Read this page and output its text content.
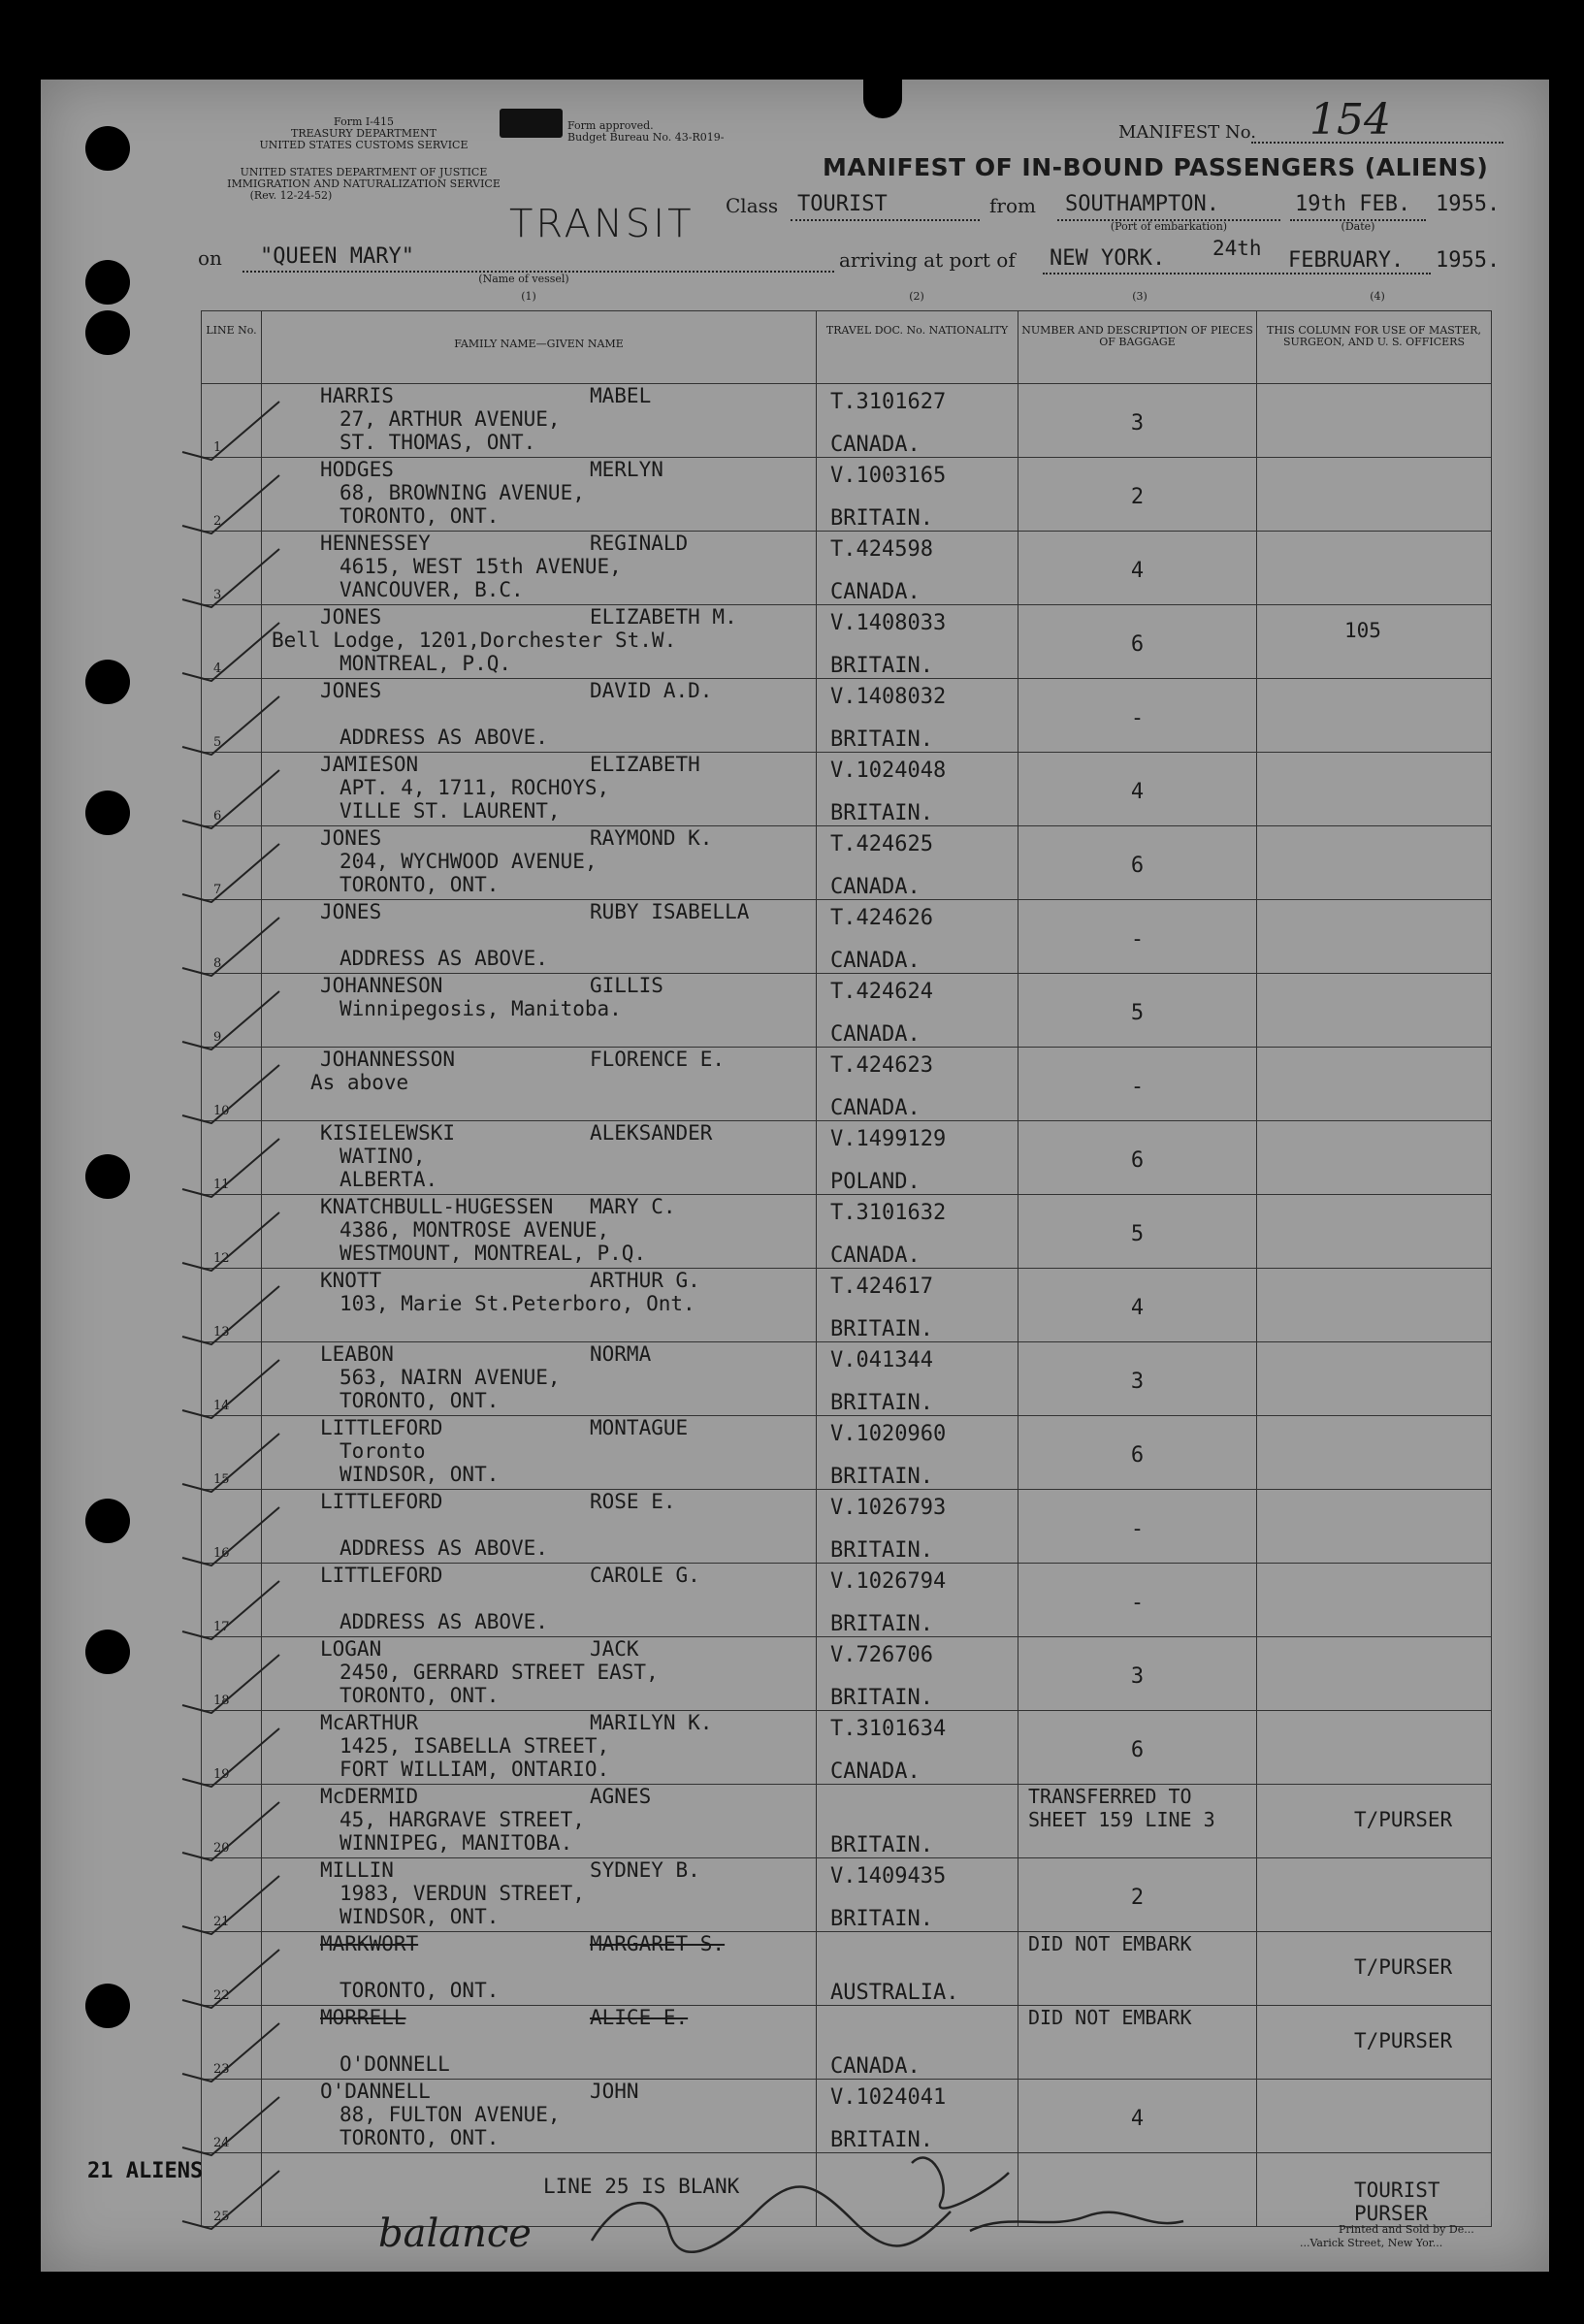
Form I-415
TREASURY DEPARTMENT
UNITED STATES CUSTOMS SERVICE
UNITED STATES DEPARTMENT OF JUSTICE
IMMIGRATION AND NATURALIZATION SERVICE
(Rev. 12-24-52)
Form approved.
Budget Bureau No. 43-R019-
MANIFEST OF IN-BOUND PASSENGERS (ALIENS)
MANIFEST No. 154
TRANSIT Class TOURIST	from SOUTHAMPTON.
(Port of embarkation)
19th FEB.
(Date)
1955.
on "QUEEN MARY"
(Name of vessel)
arriving at port of NEW YORK. 24th FEBRUARY. 1955.
(1)	(2)	(3)	(4)
LINE No.	FAMILY NAME—GIVEN NAME	TRAVEL DOC. No. NATIONALITY	NUMBER AND DESCRIPTION OF PIECES OF BAGGAGE	THIS COLUMN FOR USE OF MASTER, SURGEON, AND U. S. OFFICERS

1	HARRIS MABEL
27, ARTHUR AVENUE,
ST. THOMAS, ONT.	T.3101627
CANADA.	3	

2	HODGES MERLYN
68, BROWNING AVENUE,
TORONTO, ONT.	V.1003165
BRITAIN.	2	

3	HENNESSEY REGINALD
4615, WEST 15th AVENUE,
VANCOUVER, B.C.	T.424598
CANADA.	4	

4	JONES ELIZABETH M.
Bell Lodge, 1201,Dorchester St.W.
MONTREAL, P.Q.	V.1408033
BRITAIN.	6	105

5	JONES DAVID A.D.
ADDRESS AS ABOVE.	V.1408032
BRITAIN.	-	

6	JAMIESON ELIZABETH
APT. 4, 1711, ROCHOYS,
VILLE ST. LAURENT,	V.1024048
BRITAIN.	4	

7	JONES RAYMOND K.
204, WYCHWOOD AVENUE,
TORONTO, ONT.	T.424625
CANADA.	6	

8	JONES RUBY ISABELLA
ADDRESS AS ABOVE.	T.424626
CANADA.	-	

9	JOHANNESON GILLIS
Winnipegosis, Manitoba.	T.424624
CANADA.	5	

10	JOHANNESSON FLORENCE E.
As above	T.424623
CANADA.	-	

11	KISIELEWSKI ALEKSANDER
WATINO,
ALBERTA.	V.1499129
POLAND.	6	

12	KNATCHBULL-HUGESSEN MARY C.
4386, MONTROSE AVENUE,
WESTMOUNT, MONTREAL, P.Q.	T.3101632
CANADA.	5	

13	KNOTT ARTHUR G.
103, Marie St.Peterboro, Ont.	T.424617
BRITAIN.	4	

14	LEABON NORMA
563, NAIRN AVENUE,
TORONTO, ONT.	V.041344
BRITAIN.	3	

15	LITTLEFORD MONTAGUE
Toronto
WINDSOR, ONT.	V.1020960
BRITAIN.	6	

16	LITTLEFORD ROSE E.
ADDRESS AS ABOVE.	V.1026793
BRITAIN.	-	

17	LITTLEFORD CAROLE G.
ADDRESS AS ABOVE.	V.1026794
BRITAIN.	-	

18	LOGAN JACK
2450, GERRARD STREET EAST,
TORONTO, ONT.	V.726706
BRITAIN.	3	

19	McARTHUR MARILYN K.
1425, ISABELLA STREET,
FORT WILLIAM, ONTARIO.	T.3101634
CANADA.	6	

20	McDERMID AGNES
45, HARGRAVE STREET,
WINNIPEG, MANITOBA.	BRITAIN.	TRANSFERRED TO SHEET 159 LINE 3	T/PURSER

21	MILLIN SYDNEY B.
1983, VERDUN STREET,
WINDSOR, ONT.	V.1409435
BRITAIN.	2	

22	MARKWORT MARGARET S.
TORONTO, ONT.	AUSTRALIA.	DID NOT EMBARK	T/PURSER

23	MORRELL ALICE E.
O'DONNELL	CANADA.	DID NOT EMBARK	T/PURSER

24	O'DANNELL JOHN
88, FULTON AVENUE,
TORONTO, ONT.	V.1024041
BRITAIN.	4	

25	LINE 25 IS BLANK			TOURIST PURSER
21 ALIENS
balance	Printed and Sold by De...
...Varick Street, New Yor...
